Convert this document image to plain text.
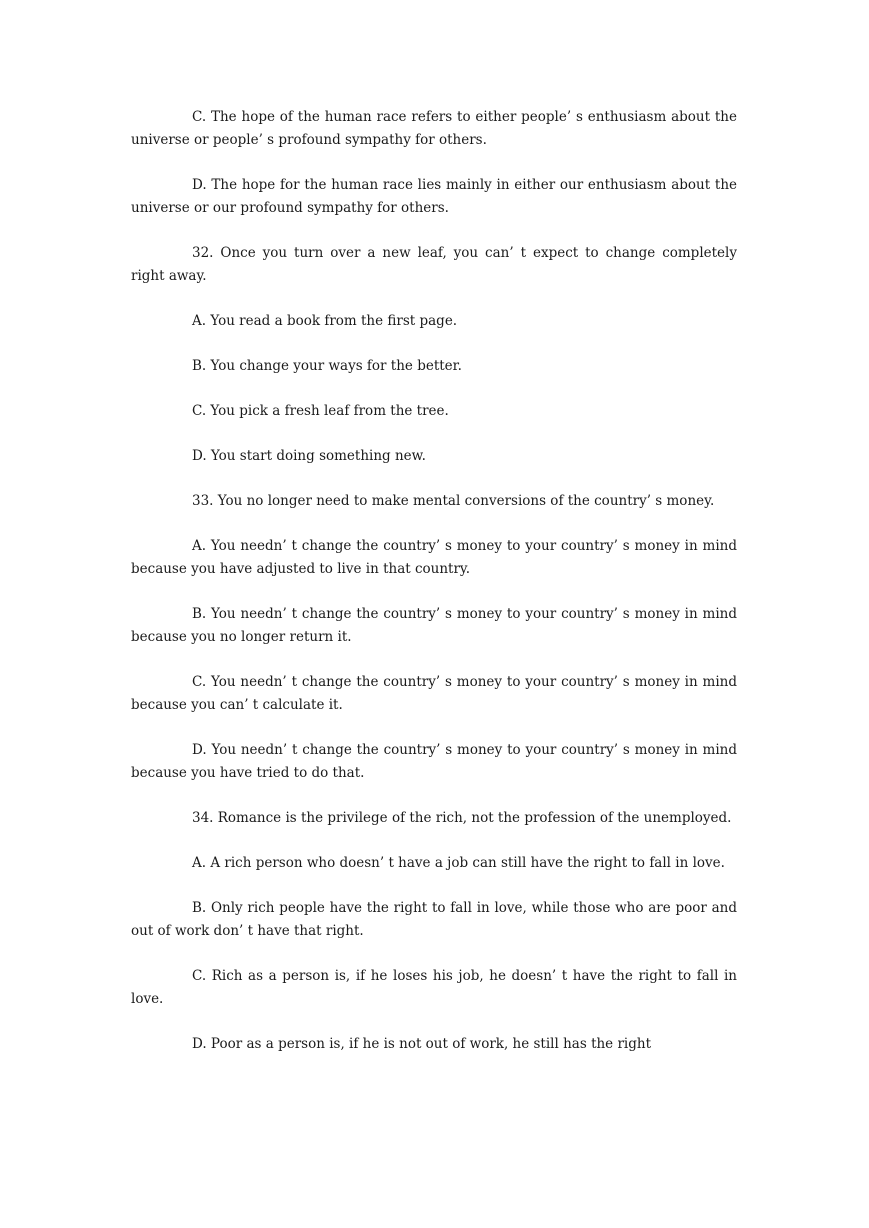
C. The hope of the human race refers to either people’ s enthusiasm about the universe or people’ s profound sympathy for others.

D. The hope for the human race lies mainly in either our enthusiasm about the universe or our profound sympathy for others.

32. Once you turn over a new leaf, you can’ t expect to change completely right away.

A. You read a book from the first page.

B. You change your ways for the better.

C. You pick a fresh leaf from the tree.

D. You start doing something new.

33. You no longer need to make mental conversions of the country’ s money.

A. You needn’ t change the country’ s money to your country’ s money in mind because you have adjusted to live in that country.

B. You needn’ t change the country’ s money to your country’ s money in mind because you no longer return it.

C. You needn’ t change the country’ s money to your country’ s money in mind because you can’ t calculate it.

D. You needn’ t change the country’ s money to your country’ s money in mind because you have tried to do that.

34. Romance is the privilege of the rich, not the profession of the unemployed.

A. A rich person who doesn’ t have a job can still have the right to fall in love.

B. Only rich people have the right to fall in love, while those who are poor and out of work don’ t have that right.

C. Rich as a person is, if he loses his job, he doesn’ t have the right to fall in love.

D. Poor as a person is, if he is not out of work, he still has the right
